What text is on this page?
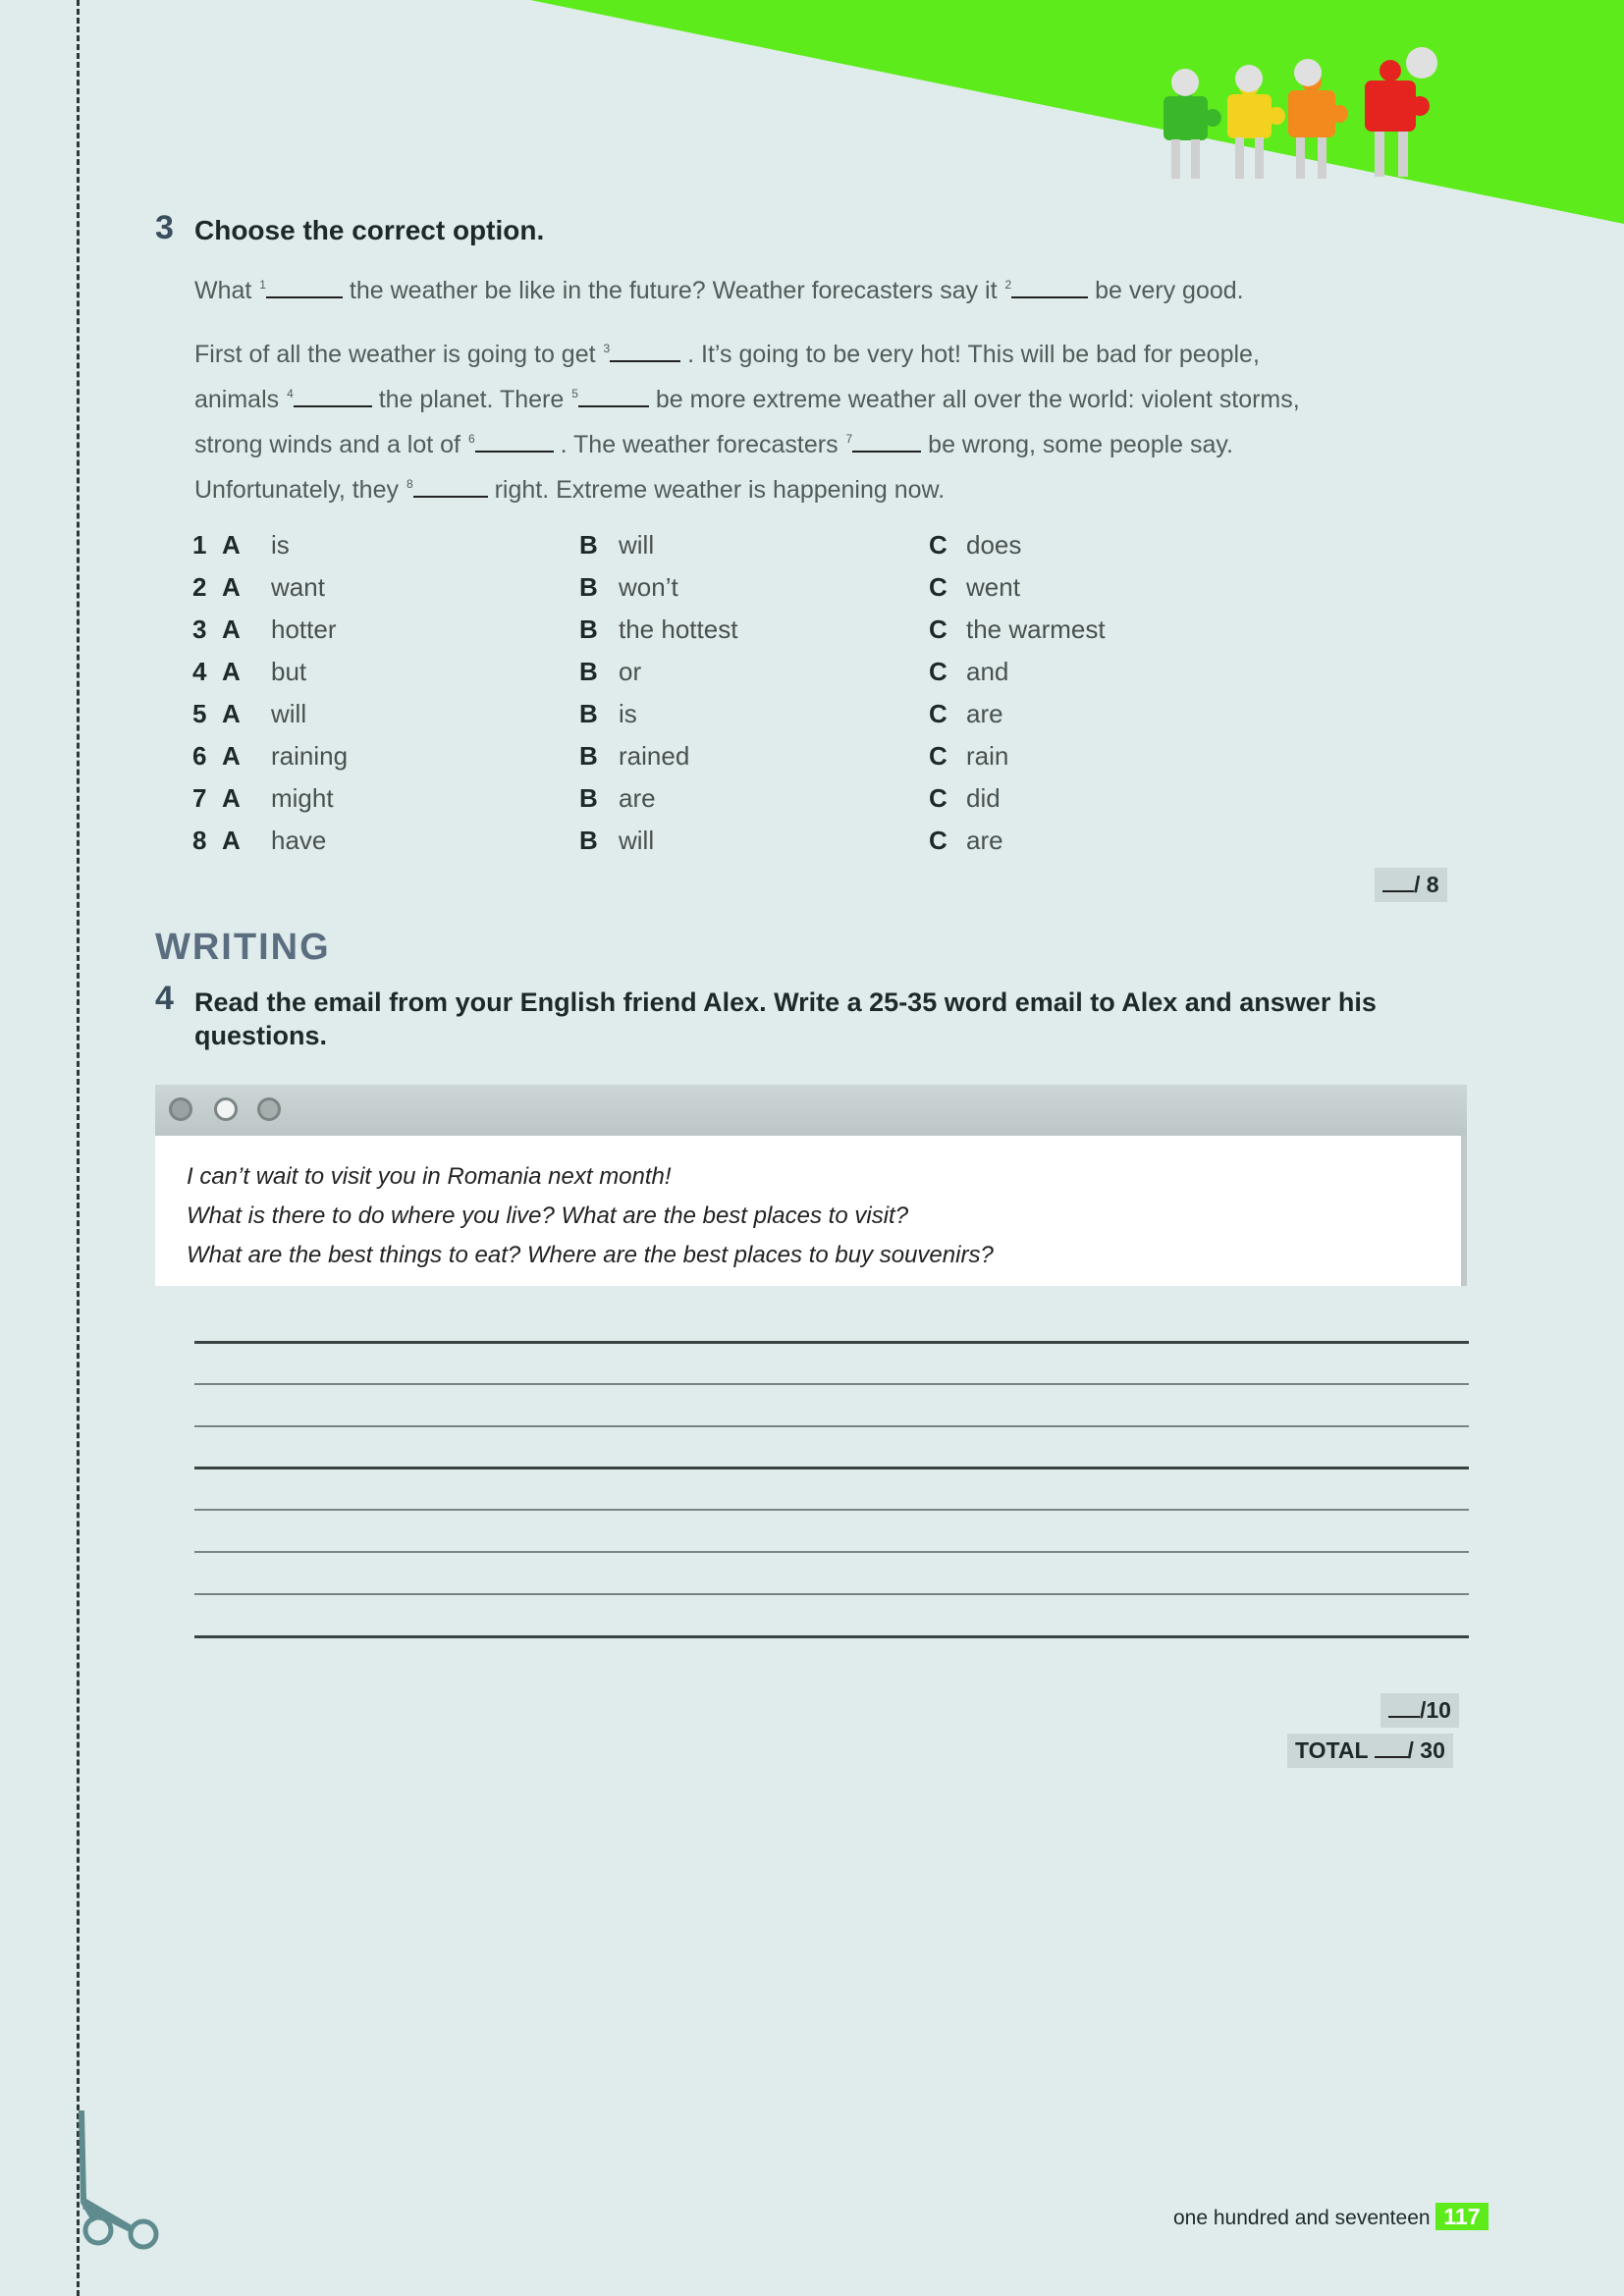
3 Choose the correct option.
What $^1$	the weather be like in the future? Weather forecasters say it $^2$	be very good.
First of all the weather is going to get $^3$	. It’s going to be very hot! This will be bad for people,
animals $^4$	the planet. There $^5$	be more extreme weather all over the world: violent storms,
strong winds and a lot of $^6$	. The weather forecasters $^7$	be wrong, some people say.
Unfortunately, they $^8$	right. Extreme weather is happening now.
1 A is	B will	C does
2 A want	B won’t	C went
3 A hotter	B the hottest	C the warmest
4 A but	B or	C and
5 A will	B is	C are
6 A raining	B rained	C rain
7 A might	B are	C did
8 A have	B will	C are
/ 8
WRITING
4 Read the email from your English friend Alex. Write a 25-35 word email to Alex and answer his
questions.
I can’t wait to visit you in Romania next month!
What is there to do where you live? What are the best places to visit?
What are the best things to eat? Where are the best places to buy souvenirs?
/10
TOTAL / 30
one hundred and seventeen 117
